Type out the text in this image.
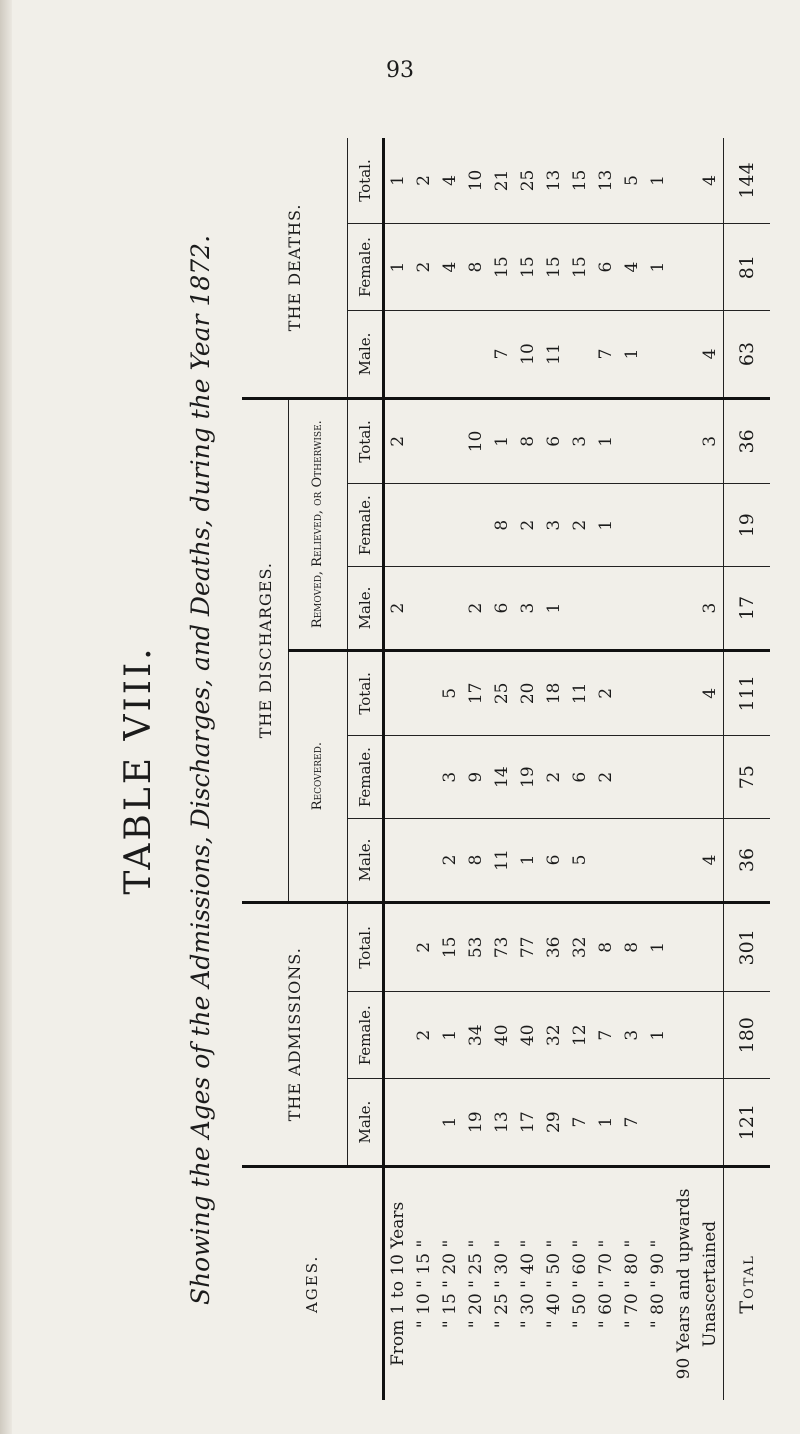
93
TABLE VIII. Showing the Ages of the Admissions, Discharges, and Deaths, during the Year 1872.	AGES.	THE ADMISSIONS.			THE DISCHARGES.						THE DEATHS.		
				Recovered.			Removed, Relieved, or Otherwise.					
	Male.	Female.	Total.	Male.	Female.	Total.	Male.	Female.	Total.	Male.	Female.	Total.
From 1 to 10 Years							2		2		1	1
" 10 " 15 "		2	2								2	2
" 15 " 20 "	1	1	15	2	3	5					4	4
" 20 " 25 "	19	34	53	8	9	17	2		10		8	10
" 25 " 30 "	13	40	73	11	14	25	6	8	1	7	15	21
" 30 " 40 "	17	40	77	1	19	20	3	2	8	10	15	25
" 40 " 50 "	29	32	36	6	2	18	1	3	6	11	15	13
" 50 " 60 "	7	12	32	5	6	11		2	3		15	15
" 60 " 70 "	1	7	8		2	2		1	1	7	6	13
" 70 " 80 "	7	3	8							1	4	5
" 80 " 90 "		1	1								1	1
90 Years and upwards												
Unascertained				4		4	3		3	4		4
Total	121	180	301	36	75	111	17	19	36	63	81	144
